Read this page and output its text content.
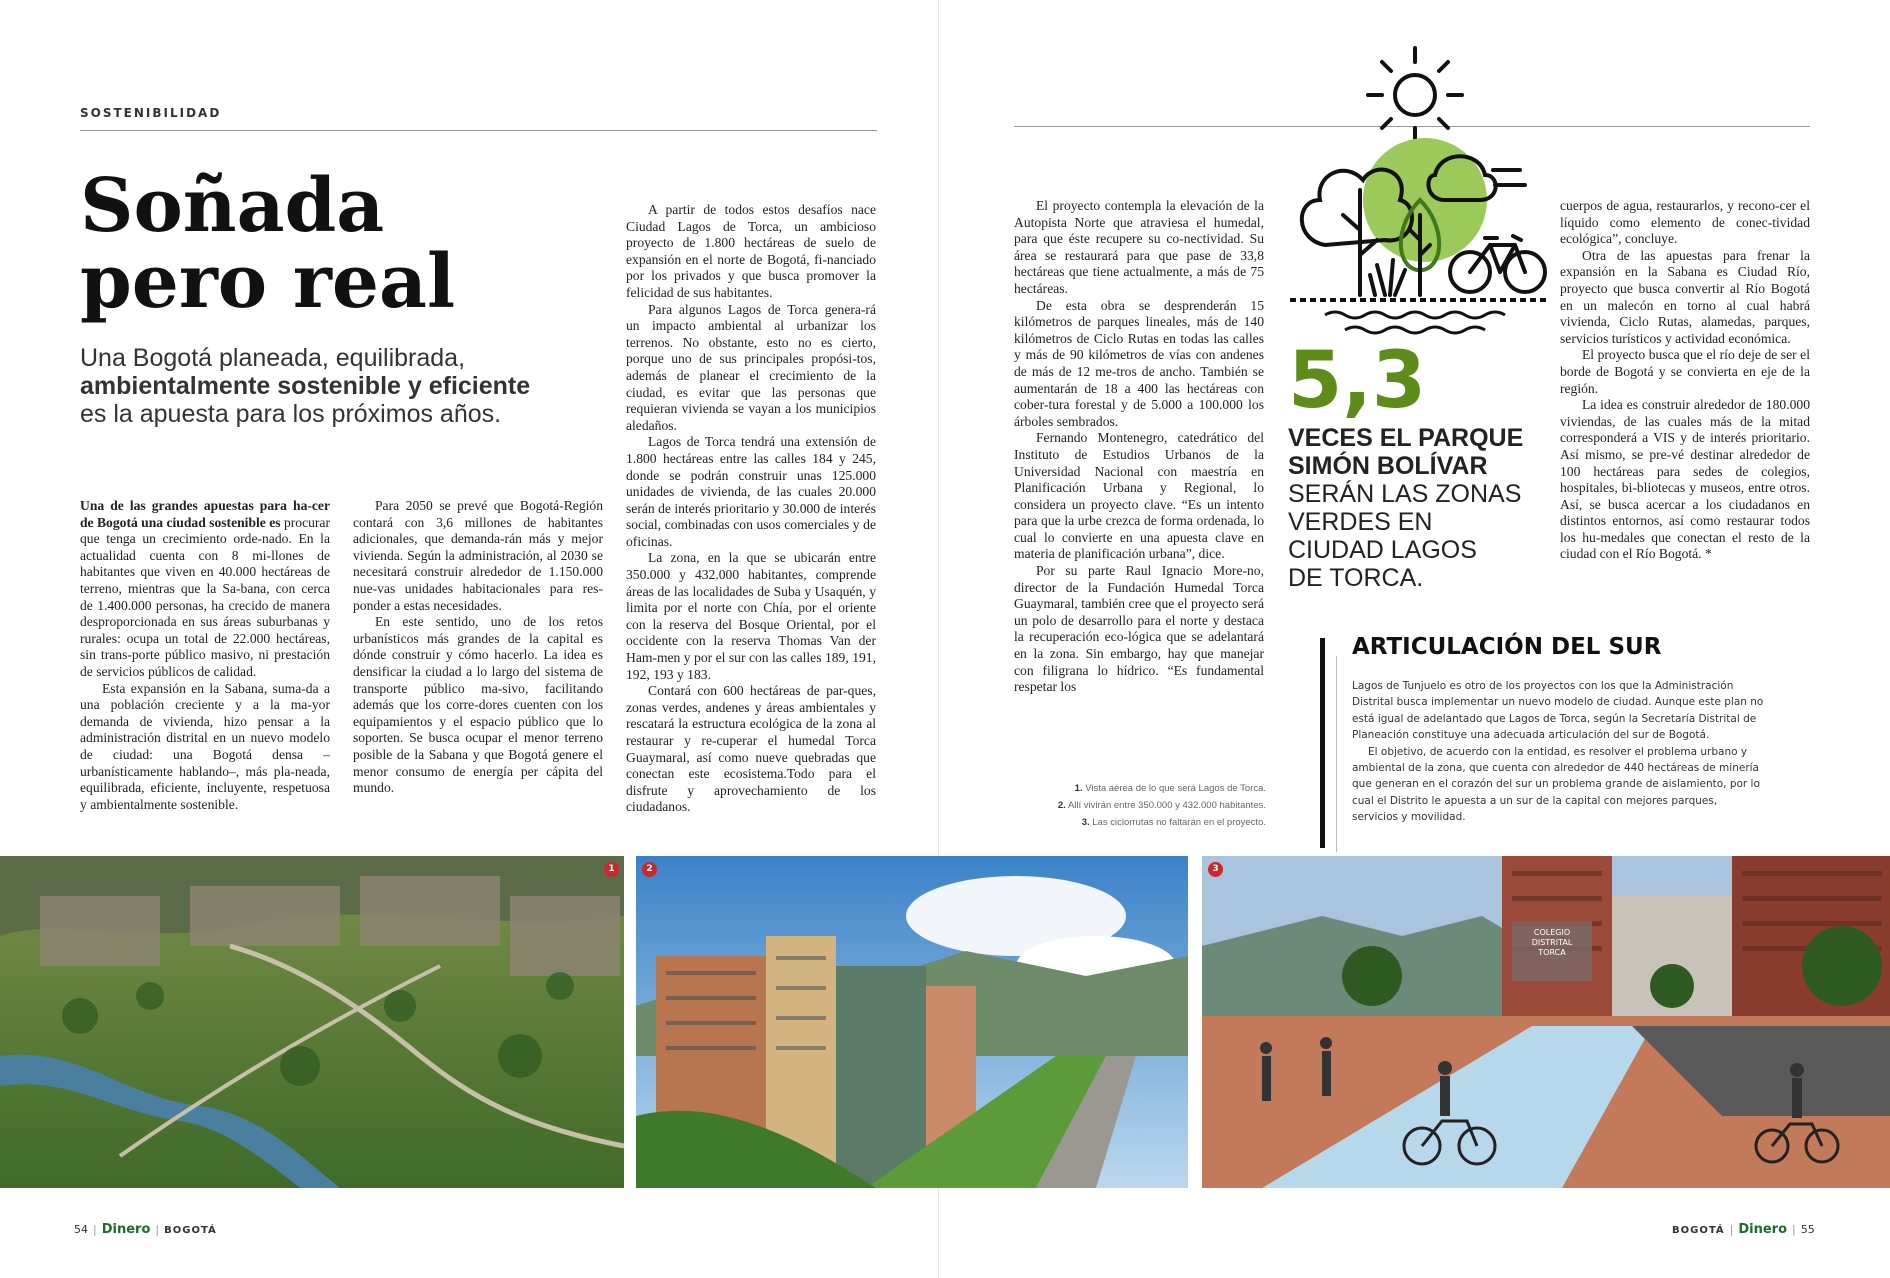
SOSTENIBILIDAD
Soñada
pero real
Una Bogotá planeada, equilibrada,
ambientalmente sostenible y eficiente
es la apuesta para los próximos años.

Una de las grandes apuestas para ha-cer de Bogotá una ciudad sostenible es procurar que tenga un crecimiento orde-nado. En la actualidad cuenta con 8 mi-llones de habitantes que viven en 40.000 hectáreas de terreno, mientras que la Sa-bana, con cerca de 1.400.000 personas, ha crecido de manera desproporcionada en sus áreas suburbanas y rurales: ocupa un total de 22.000 hectáreas, sin trans-porte público masivo, ni prestación de servicios públicos de calidad.

Esta expansión en la Sabana, suma-da a una población creciente y a la ma-yor demanda de vivienda, hizo pensar a la administración distrital en un nuevo modelo de ciudad: una Bogotá densa –urbanísticamente hablando–, más pla-neada, equilibrada, eficiente, incluyente, respetuosa y ambientalmente sostenible.

Para 2050 se prevé que Bogotá-Región contará con 3,6 millones de habitantes adicionales, que demanda-rán más y mejor vivienda. Según la administración, al 2030 se necesitará construir alrededor de 1.150.000 nue-vas unidades habitacionales para res-ponder a estas necesidades.

En este sentido, uno de los retos urbanísticos más grandes de la capital es dónde construir y cómo hacerlo. La idea es densificar la ciudad a lo largo del sistema de transporte público ma-sivo, facilitando además que los corre-dores cuenten con los equipamientos y el espacio público que lo soporten. Se busca ocupar el menor terreno posible de la Sabana y que Bogotá genere el menor consumo de energía per cápita del mundo.

A partir de todos estos desafíos nace Ciudad Lagos de Torca, un ambicioso proyecto de 1.800 hectáreas de suelo de expansión en el norte de Bogotá, fi-nanciado por los privados y que busca promover la felicidad de sus habitantes.

Para algunos Lagos de Torca genera-rá un impacto ambiental al urbanizar los terrenos. No obstante, esto no es cierto, porque uno de sus principales propósi-tos, además de planear el crecimiento de la ciudad, es evitar que las personas que requieran vivienda se vayan a los municipios aledaños.

Lagos de Torca tendrá una extensión de 1.800 hectáreas entre las calles 184 y 245, donde se podrán construir unas 125.000 unidades de vivienda, de las cuales 20.000 serán de interés prioritario y 30.000 de interés social, combinadas con usos comerciales y de oficinas.

La zona, en la que se ubicarán entre 350.000 y 432.000 habitantes, comprende áreas de las localidades de Suba y Usaquén, y limita por el norte con Chía, por el oriente con la reserva del Bosque Oriental, por el occidente con la reserva Thomas Van der Ham-men y por el sur con las calles 189, 191, 192, 193 y 183.

Contará con 600 hectáreas de par-ques, zonas verdes, andenes y áreas ambientales y rescatará la estructura ecológica de la zona al restaurar y re-cuperar el humedal Torca Guaymaral, así como nueve quebradas que conectan este ecosistema.Todo para el disfrute y aprovechamiento de los ciudadanos.

El proyecto contempla la elevación de la Autopista Norte que atraviesa el humedal, para que éste recupere su co-nectividad. Su área se restaurará para que pase de 33,8 hectáreas que tiene actualmente, a más de 75 hectáreas.

De esta obra se desprenderán 15 kilómetros de parques lineales, más de 140 kilómetros de Ciclo Rutas en todas las calles y más de 90 kilómetros de vías con andenes de más de 12 me-tros de ancho. También se aumentarán de 18 a 400 las hectáreas con cober-tura forestal y de 5.000 a 100.000 los árboles sembrados.

Fernando Montenegro, catedrático del Instituto de Estudios Urbanos de la Universidad Nacional con maestría en Planificación Urbana y Regional, lo considera un proyecto clave. “Es un intento para que la urbe crezca de forma ordenada, lo cual lo convierte en una apuesta clave en materia de planificación urbana”, dice.

Por su parte Raul Ignacio More-no, director de la Fundación Humedal Torca Guaymaral, también cree que el proyecto será un polo de desarrollo para el norte y destaca la recuperación eco-lógica que se adelantará en la zona. Sin embargo, hay que manejar con filigrana lo hídrico. “Es fundamental respetar los

cuerpos de agua, restaurarlos, y recono-cer el líquido como elemento de conec-tividad ecológica”, concluye.

Otra de las apuestas para frenar la expansión en la Sabana es Ciudad Río, proyecto que busca convertir al Río Bogotá en un malecón en torno al cual habrá vivienda, Ciclo Rutas, alamedas, parques, servicios turísticos y actividad económica.

El proyecto busca que el río deje de ser el borde de Bogotá y se convierta en eje de la región.

La idea es construir alrededor de 180.000 viviendas, de las cuales más de la mitad corresponderá a VIS y de interés prioritario. Así mismo, se pre-vé destinar alrededor de 100 hectáreas para sedes de colegios, hospitales, bi-bliotecas y museos, entre otros. Así, se busca acercar a los ciudadanos en distintos entornos, así como restaurar todos los hu-medales que conectan el resto de la ciudad con el Río Bogotá. *

5,3
VECES EL PARQUE
SIMÓN BOLÍVAR
SERÁN LAS ZONAS
VERDES EN
CIUDAD LAGOS
DE TORCA.
1. Vista aérea de lo que será Lagos de Torca.
2. Allí vivirán entre 350.000 y 432.000 habitantes.
3. Las ciclorrutas no faltarán en el proyecto.
ARTICULACIÓN DEL SUR

Lagos de Tunjuelo es otro de los proyectos con los que la Administración Distrital busca implementar un nuevo modelo de ciudad. Aunque este plan no está igual de adelantado que Lagos de Torca, según la Secretaría Distrital de Planeación constituye una adecuada articulación del sur de Bogotá.

El objetivo, de acuerdo con la entidad, es resolver el problema urbano y ambiental de la zona, que cuenta con alrededor de 440 hectáreas de minería que generan en el corazón del sur un problema grande de aislamiento, por lo cual el Distrito le apuesta a un sur de la capital con mejores parques, servicios y movilidad.

1	2
COLEGIO DISTRITAL TORCA
3
54 | Dinero | BOGOTÁ	BOGOTÁ | Dinero | 55
